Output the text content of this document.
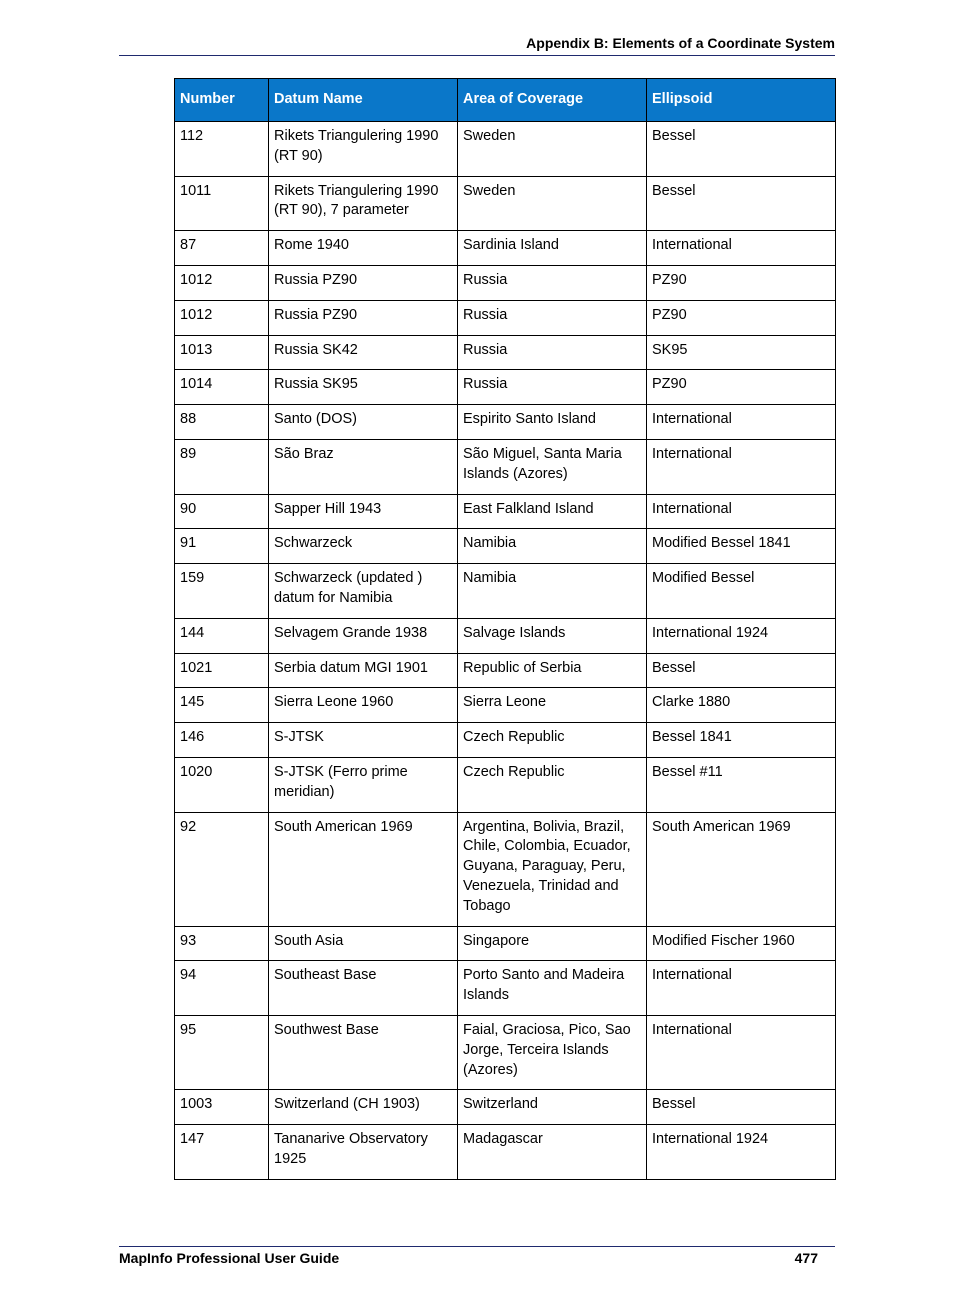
Appendix B: Elements of a Coordinate System
Number	Datum Name	Area of Coverage	Ellipsoid
112	Rikets Triangulering 1990 (RT 90)	Sweden	Bessel
1011	Rikets Triangulering 1990 (RT 90), 7 parameter	Sweden	Bessel
87	Rome 1940	Sardinia Island	International
1012	Russia PZ90	Russia	PZ90
1012	Russia PZ90	Russia	PZ90
1013	Russia SK42	Russia	SK95
1014	Russia SK95	Russia	PZ90
88	Santo (DOS)	Espirito Santo Island	International
89	São Braz	São Miguel, Santa Maria Islands (Azores)	International
90	Sapper Hill 1943	East Falkland Island	International
91	Schwarzeck	Namibia	Modified Bessel 1841
159	Schwarzeck (updated ) datum for Namibia	Namibia	Modified Bessel
144	Selvagem Grande 1938	Salvage Islands	International 1924
1021	Serbia datum MGI 1901	Republic of Serbia	Bessel
145	Sierra Leone 1960	Sierra Leone	Clarke 1880
146	S-JTSK	Czech Republic	Bessel 1841
1020	S-JTSK (Ferro prime meridian)	Czech Republic	Bessel #11
92	South American 1969	Argentina, Bolivia, Brazil, Chile, Colombia, Ecuador, Guyana, Paraguay, Peru, Venezuela, Trinidad and Tobago	South American 1969
93	South Asia	Singapore	Modified Fischer 1960
94	Southeast Base	Porto Santo and Madeira Islands	International
95	Southwest Base	Faial, Graciosa, Pico, Sao Jorge, Terceira Islands (Azores)	International
1003	Switzerland (CH 1903)	Switzerland	Bessel
147	Tananarive Observatory 1925	Madagascar	International 1924
MapInfo Professional User Guide	477
